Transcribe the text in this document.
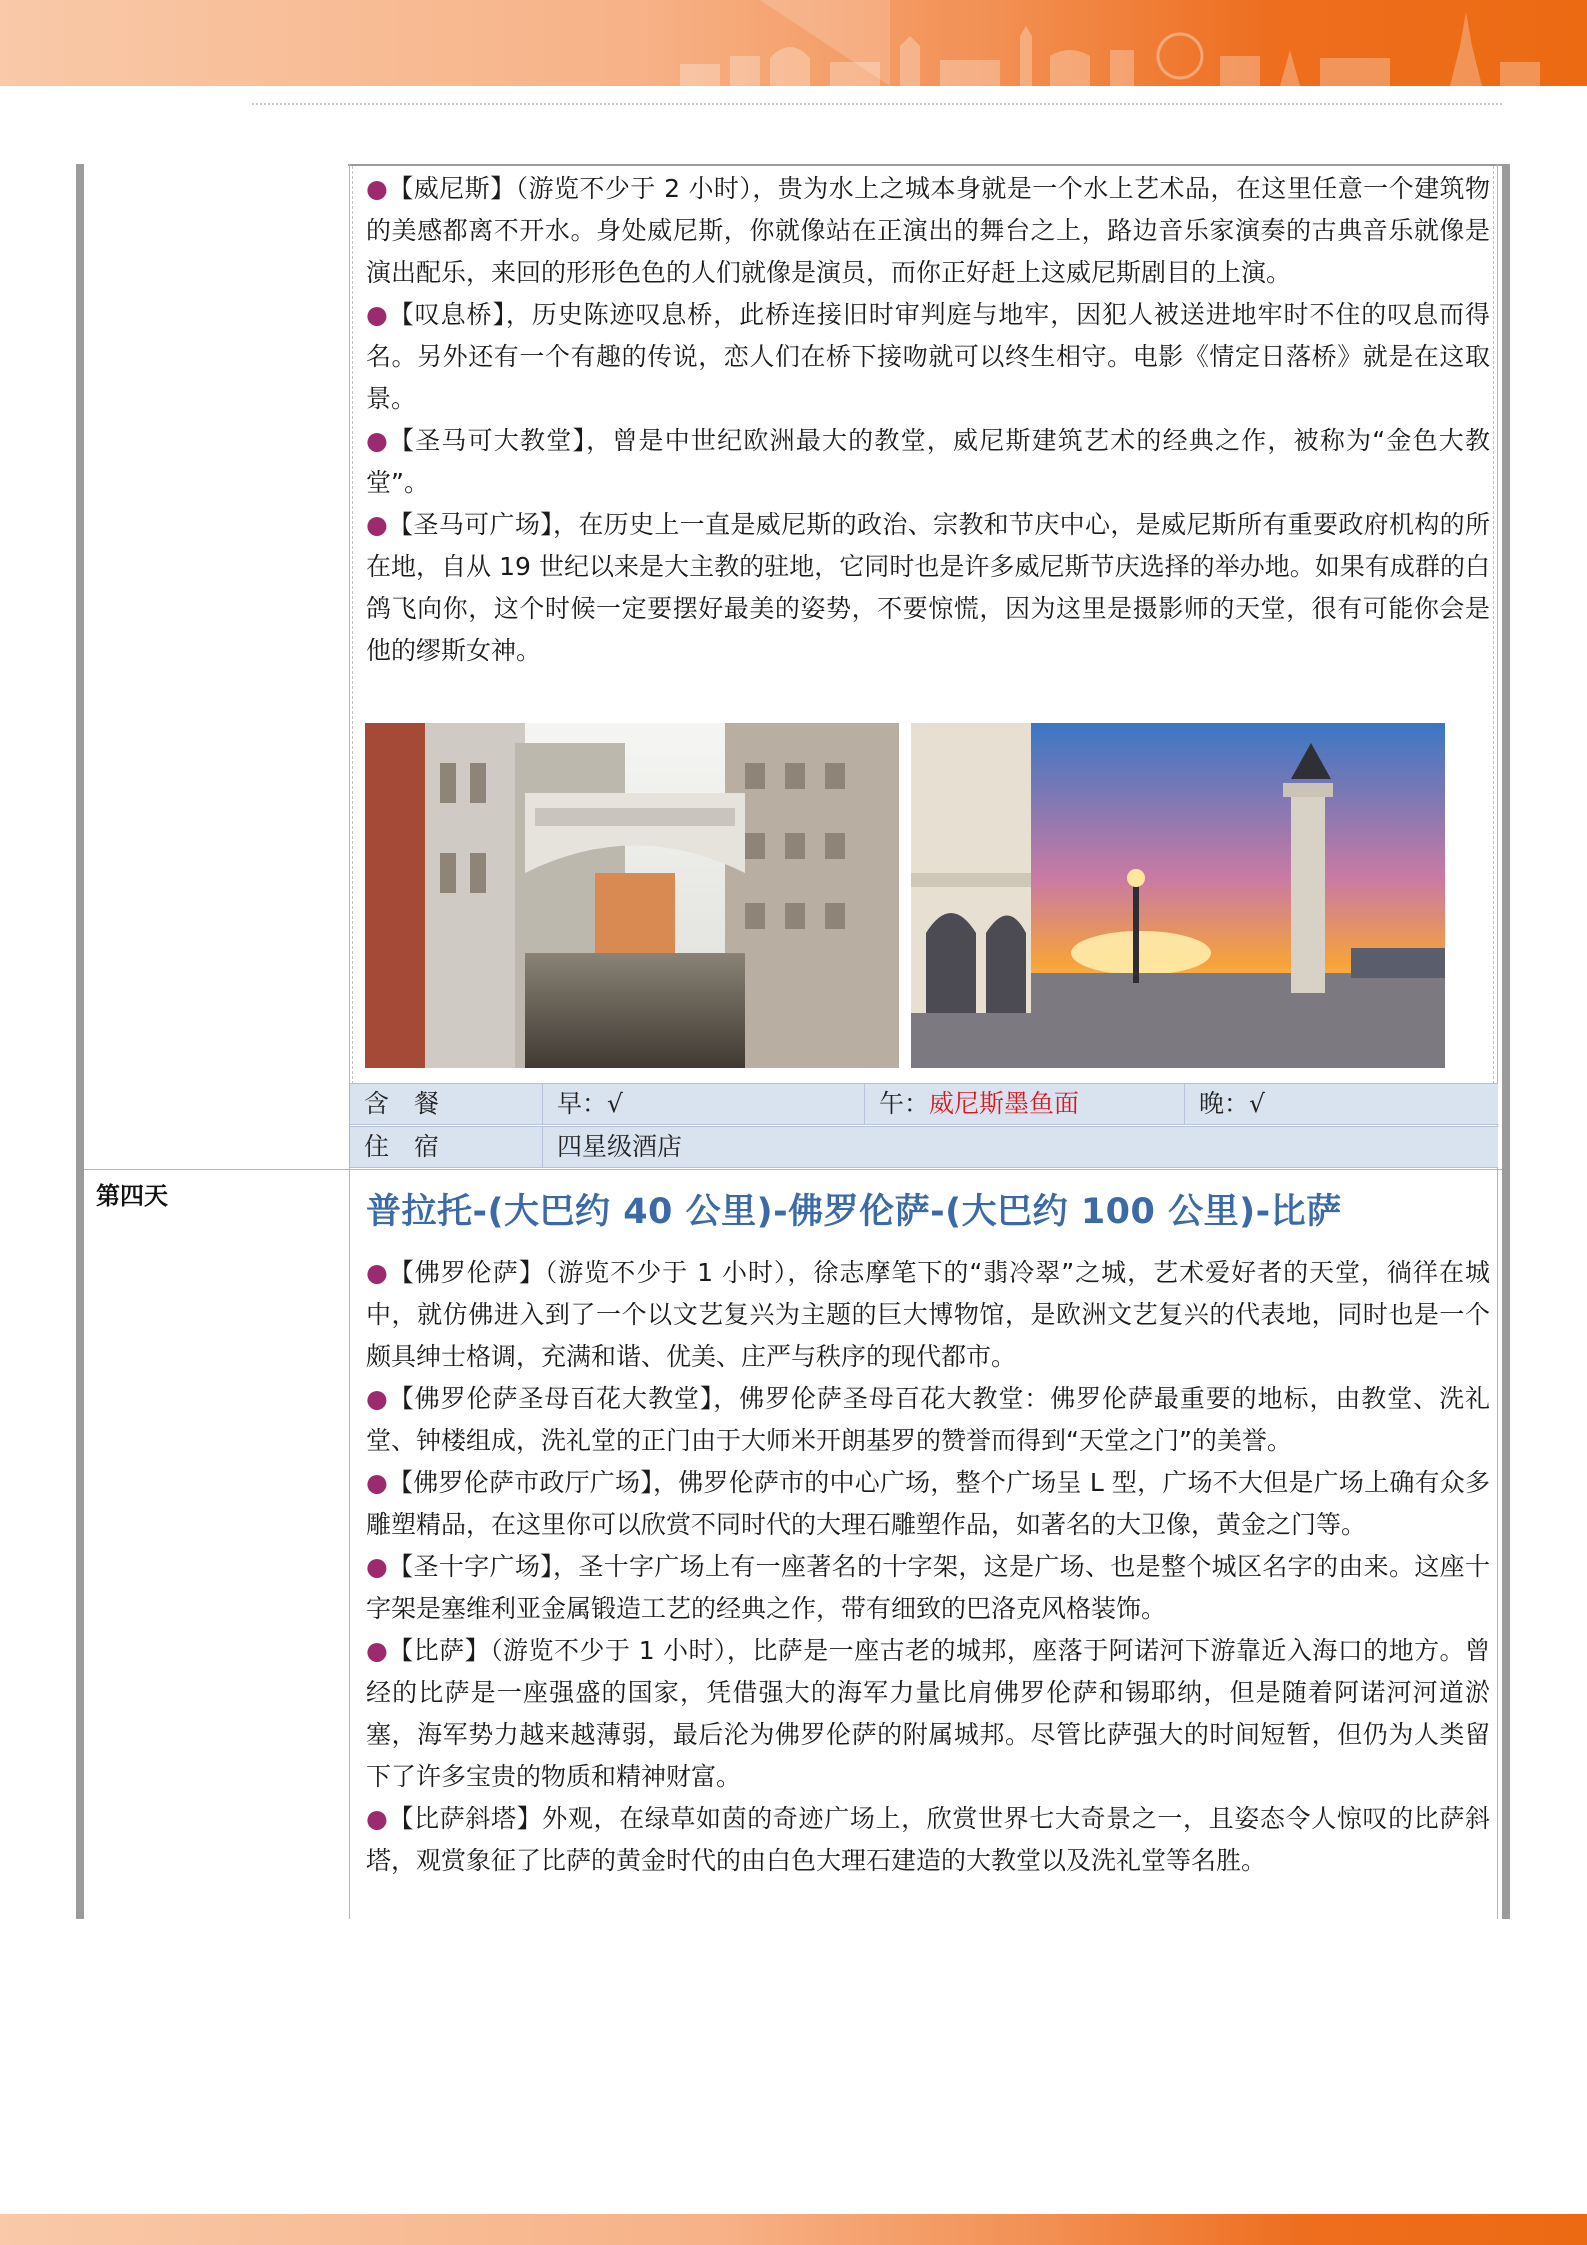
●【威尼斯】（游览不少于 2 小时），贵为水上之城本身就是一个水上艺术品，在这里任意一个建筑物的美感都离不开水。身处威尼斯，你就像站在正演出的舞台之上，路边音乐家演奏的古典音乐就像是演出配乐，来回的形形色色的人们就像是演员，而你正好赶上这威尼斯剧目的上演。

●【叹息桥】，历史陈迹叹息桥，此桥连接旧时审判庭与地牢，因犯人被送进地牢时不住的叹息而得名。另外还有一个有趣的传说，恋人们在桥下接吻就可以终生相守。电影《情定日落桥》就是在这取景。

●【圣马可大教堂】，曾是中世纪欧洲最大的教堂，威尼斯建筑艺术的经典之作，被称为“金色大教堂”。

●【圣马可广场】，在历史上一直是威尼斯的政治、宗教和节庆中心，是威尼斯所有重要政府机构的所在地，自从 19 世纪以来是大主教的驻地，它同时也是许多威尼斯节庆选择的举办地。如果有成群的白鸽飞向你，这个时候一定要摆好最美的姿势，不要惊慌，因为这里是摄影师的天堂，很有可能你会是他的缪斯女神。

含　餐	早：√	午：威尼斯墨鱼面	晚：√
住　宿	四星级酒店
第四天	普拉托-(大巴约 40 公里)-佛罗伦萨-(大巴约 100 公里)-比萨

●【佛罗伦萨】（游览不少于 1 小时），徐志摩笔下的“翡冷翠”之城，艺术爱好者的天堂，徜徉在城中，就仿佛进入到了一个以文艺复兴为主题的巨大博物馆，是欧洲文艺复兴的代表地，同时也是一个颇具绅士格调，充满和谐、优美、庄严与秩序的现代都市。

●【佛罗伦萨圣母百花大教堂】，佛罗伦萨圣母百花大教堂：佛罗伦萨最重要的地标，由教堂、洗礼堂、钟楼组成，洗礼堂的正门由于大师米开朗基罗的赞誉而得到“天堂之门”的美誉。

●【佛罗伦萨市政厅广场】，佛罗伦萨市的中心广场，整个广场呈 L 型，广场不大但是广场上确有众多雕塑精品，在这里你可以欣赏不同时代的大理石雕塑作品，如著名的大卫像，黄金之门等。

●【圣十字广场】，圣十字广场上有一座著名的十字架，这是广场、也是整个城区名字的由来。这座十字架是塞维利亚金属锻造工艺的经典之作，带有细致的巴洛克风格装饰。

●【比萨】（游览不少于 1 小时），比萨是一座古老的城邦，座落于阿诺河下游靠近入海口的地方。曾经的比萨是一座强盛的国家，凭借强大的海军力量比肩佛罗伦萨和锡耶纳，但是随着阿诺河河道淤塞，海军势力越来越薄弱，最后沦为佛罗伦萨的附属城邦。尽管比萨强大的时间短暂，但仍为人类留下了许多宝贵的物质和精神财富。

●【比萨斜塔】外观，在绿草如茵的奇迹广场上，欣赏世界七大奇景之一，且姿态令人惊叹的比萨斜塔，观赏象征了比萨的黄金时代的由白色大理石建造的大教堂以及洗礼堂等名胜。
